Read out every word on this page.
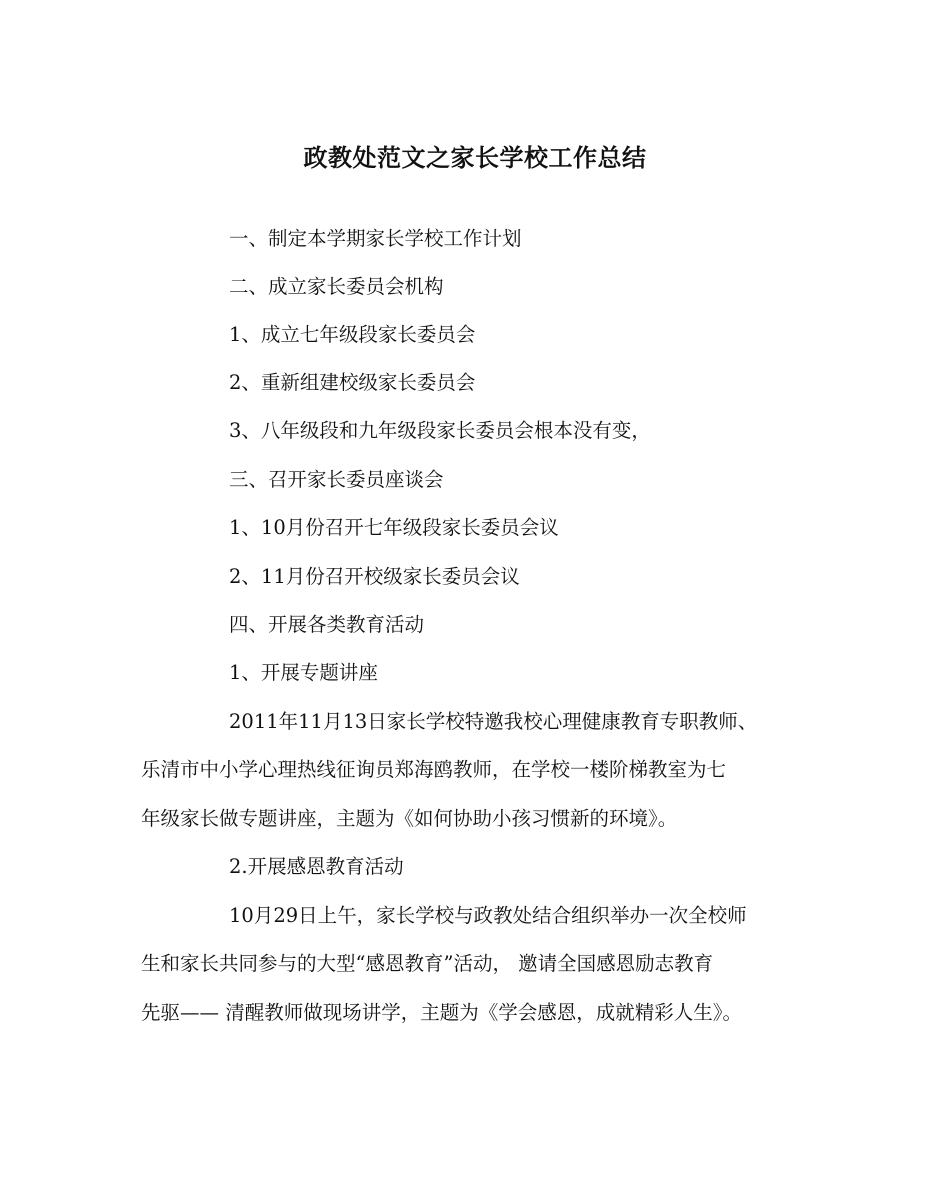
政教处范文之家长学校工作总结
一、制定本学期家长学校工作计划
二、成立家长委员会机构
1、成立七年级段家长委员会
2、重新组建校级家长委员会
3、八年级段和九年级段家长委员会根本没有变，
三、召开家长委员座谈会
1、10月份召开七年级段家长委员会议
2、11月份召开校级家长委员会议
四、开展各类教育活动
1、开展专题讲座
2011年11月13日家长学校特邀我校心理健康教育专职教师、
乐清市中小学心理热线征询员郑海鸥教师，在学校一楼阶梯教室为七
年级家长做专题讲座，主题为《如何协助小孩习惯新的环境》。
2.开展感恩教育活动
10月29日上午，家长学校与政教处结合组织举办一次全校师
生和家长共同参与的大型“感恩教育”活动， 邀请全国感恩励志教育
先驱—— 清醒教师做现场讲学，主题为《学会感恩，成就精彩人生》。
